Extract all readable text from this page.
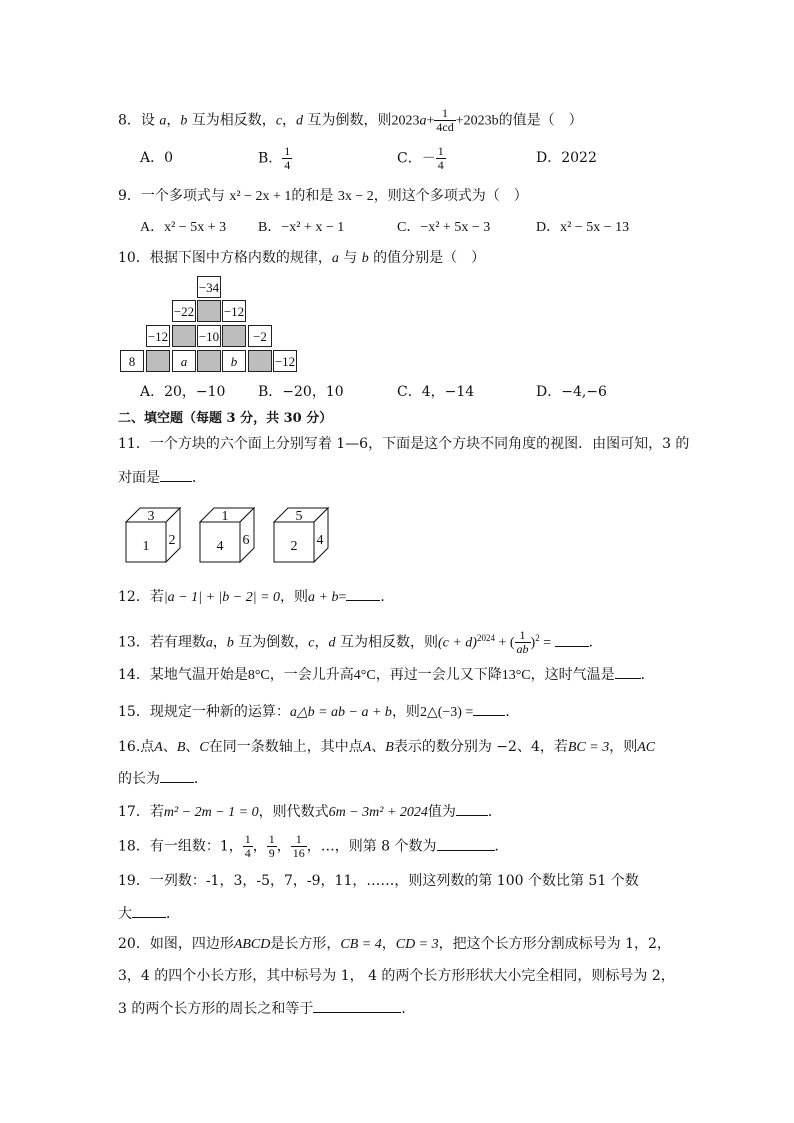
8．设 a，b 互为相反数，c，d 互为倒数，则$2023a+ \frac{1}{4cd} +2023b$的值是（　）
A．0	B． $\frac{1}{4}$	C．－ $\frac{1}{4}$	D．2022
9．一个多项式与 x² − 2x + 1的和是 3x − 2，则这个多项式为（　）
A．x² − 5x + 3 B．−x² + x − 1	C．−x² + 5x − 3	D．x² − 5x − 13
10．根据下图中方格内数的规律，a 与 b 的值分别是（　）
−34
−22 −12
−12 −10	−2
8	a	b	−12
A．20，−10 B．−20，10	C．4，−14	D．−4,−6
二、填空题（每题 3 分，共 30 分）
11．一个方块的六个面上分别写着 1—6，下面是这个方块不同角度的视图．由图可知，3 的
对面是 ．
3
1 2
1
4 6
5
2 4
12．若|a − 1| + |b − 2| = 0，则a + b= ．
13．若有理数a，b 互为倒数，c，d 互为相反数，则$(c + d)^{2024}$ + ( $\frac{1}{ab} )^2$ = ．
14．某地气温开始是8°C，一会儿升高4°C，再过一会儿又下降13°C，这时气温是 ．
15．现规定一种新的运算：a△b = ab − a + b，则2△(−3) = ．
16.点A、B、C在同一条数轴上，其中点A、B表示的数分别为 −2、4，若BC = 3，则AC
的长为 ．
17．若m² − 2m − 1 = 0，则代数式6m − 3m² + 2024值为 ．
18．有一组数：1， $\frac{1}{4}$ ， $\frac{1}{9}$ ， $\frac{1}{16}$ ，…，则第 8 个数为	．
19．一列数：-1，3，-5，7，-9，11，……，则这列数的第 100 个数比第 51 个数
大 ．
20．如图，四边形ABCD是长方形，CB = 4，CD = 3，把这个长方形分割成标号为 1，2，
3，4 的四个小长方形，其中标号为 1， 4 的两个长方形形状大小完全相同，则标号为 2，
3 的两个长方形的周长之和等于	．
